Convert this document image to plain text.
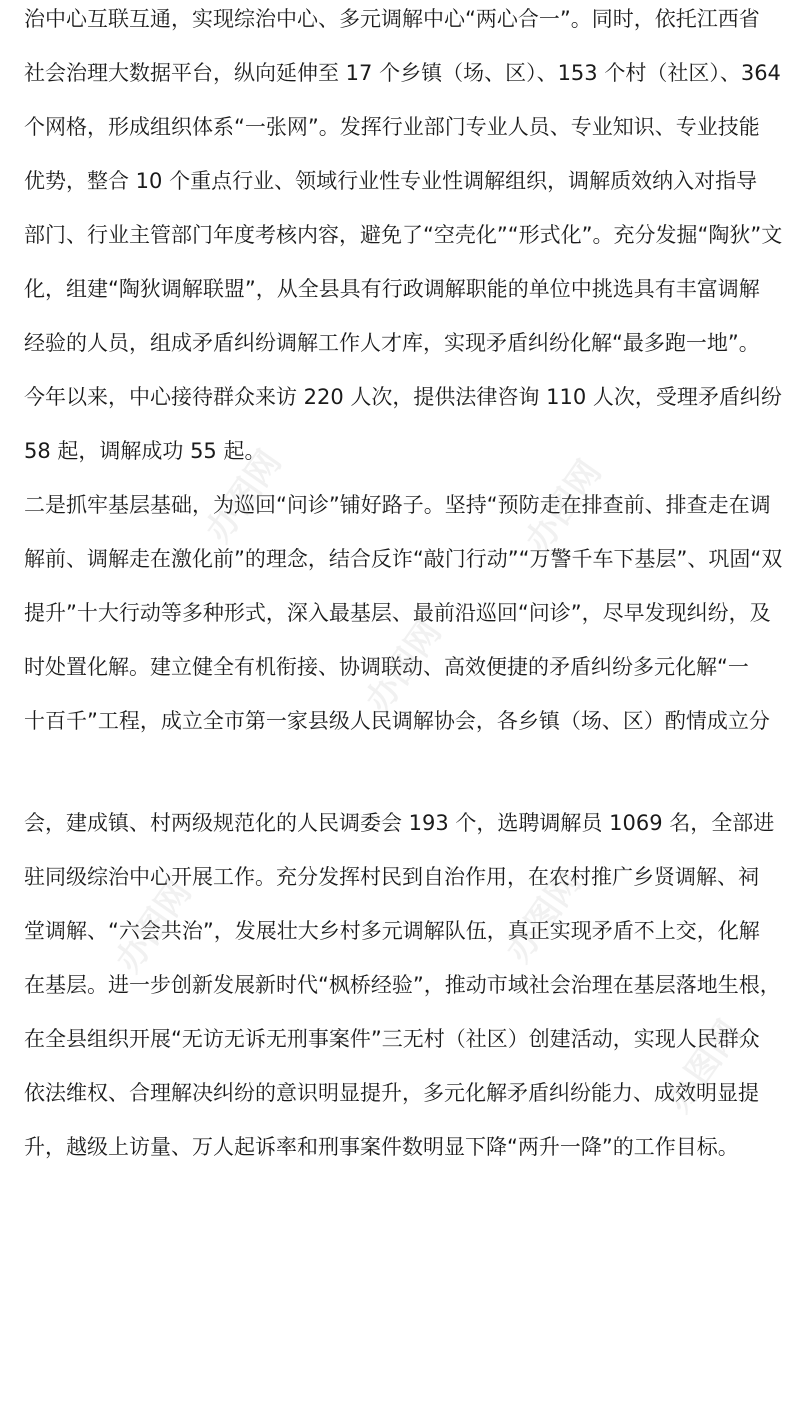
治中心互联互通，实现综治中心、多元调解中心“两心合一”。同时，依托江西省
社会治理大数据平台，纵向延伸至 17 个乡镇（场、区）、153 个村（社区）、364
个网格，形成组织体系“一张网”。发挥行业部门专业人员、专业知识、专业技能
优势，整合 10 个重点行业、领域行业性专业性调解组织，调解质效纳入对指导
部门、行业主管部门年度考核内容，避免了“空壳化”“形式化”。充分发掘“陶狄”文
化，组建“陶狄调解联盟”，从全县具有行政调解职能的单位中挑选具有丰富调解
经验的人员，组成矛盾纠纷调解工作人才库，实现矛盾纠纷化解“最多跑一地”。
今年以来，中心接待群众来访 220 人次，提供法律咨询 110 人次，受理矛盾纠纷
58 起，调解成功 55 起。
二是抓牢基层基础，为巡回“问诊”铺好路子。坚持“预防走在排查前、排查走在调
解前、调解走在激化前”的理念，结合反诈“敲门行动”“万警千车下基层”、巩固“双
提升”十大行动等多种形式，深入最基层、最前沿巡回“问诊”，尽早发现纠纷，及
时处置化解。建立健全有机衔接、协调联动、高效便捷的矛盾纠纷多元化解“一
十百千”工程，成立全市第一家县级人民调解协会，各乡镇（场、区）酌情成立分
会，建成镇、村两级规范化的人民调委会 193 个，选聘调解员 1069 名，全部进
驻同级综治中心开展工作。充分发挥村民到自治作用，在农村推广乡贤调解、祠
堂调解、“六会共治”，发展壮大乡村多元调解队伍，真正实现矛盾不上交，化解
在基层。进一步创新发展新时代“枫桥经验”，推动市域社会治理在基层落地生根，
在全县组织开展“无访无诉无刑事案件”三无村（社区）创建活动，实现人民群众
依法维权、合理解决纠纷的意识明显提升，多元化解矛盾纠纷能力、成效明显提
升，越级上访量、万人起诉率和刑事案件数明显下降“两升一降”的工作目标。
办图网	办图网
办图网
办图网	办图网
办图网
